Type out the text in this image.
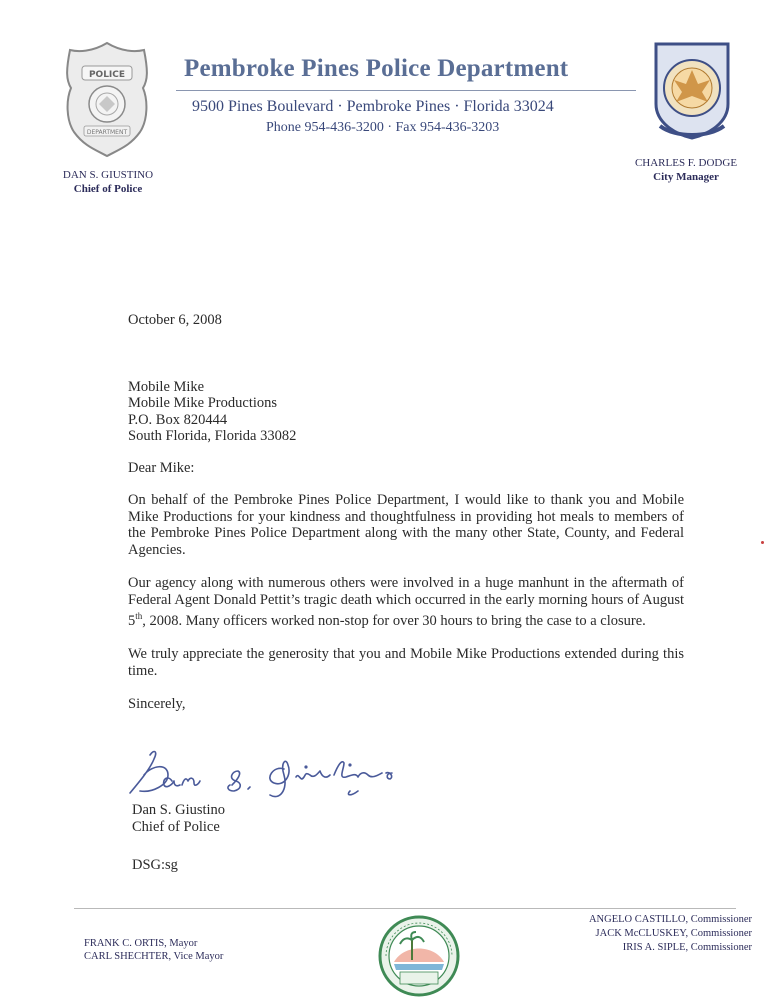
POLICE
DEPARTMENT
Pembroke Pines Police Department
9500 Pines Boulevard · Pembroke Pines · Florida 33024
Phone 954-436-3200 · Fax 954-436-3203
DAN S. GIUSTINO
Chief of Police
CHARLES F. DODGE
City Manager

October 6, 2008

Mobile Mike

Mobile Mike Productions

P.O. Box 820444

South Florida, Florida 33082

Dear Mike:

On behalf of the Pembroke Pines Police Department, I would like to thank you and Mobile Mike Productions for your kindness and thoughtfulness in providing hot meals to members of the Pembroke Pines Police Department along with the many other State, County, and Federal Agencies.

Our agency along with numerous others were involved in a huge manhunt in the aftermath of Federal Agent Donald Pettit’s tragic death which occurred in the early morning hours of August 5th, 2008. Many officers worked non-stop for over 30 hours to bring the case to a closure.

We truly appreciate the generosity that you and Mobile Mike Productions extended during this time.

Sincerely,

Dan S. Giustino
Chief of Police
DSG:sg
FRANK C. ORTIS, Mayor
CARL SHECHTER, Vice Mayor
ANGELO CASTILLO, Commissioner
JACK McCLUSKEY, Commissioner
IRIS A. SIPLE, Commissioner
